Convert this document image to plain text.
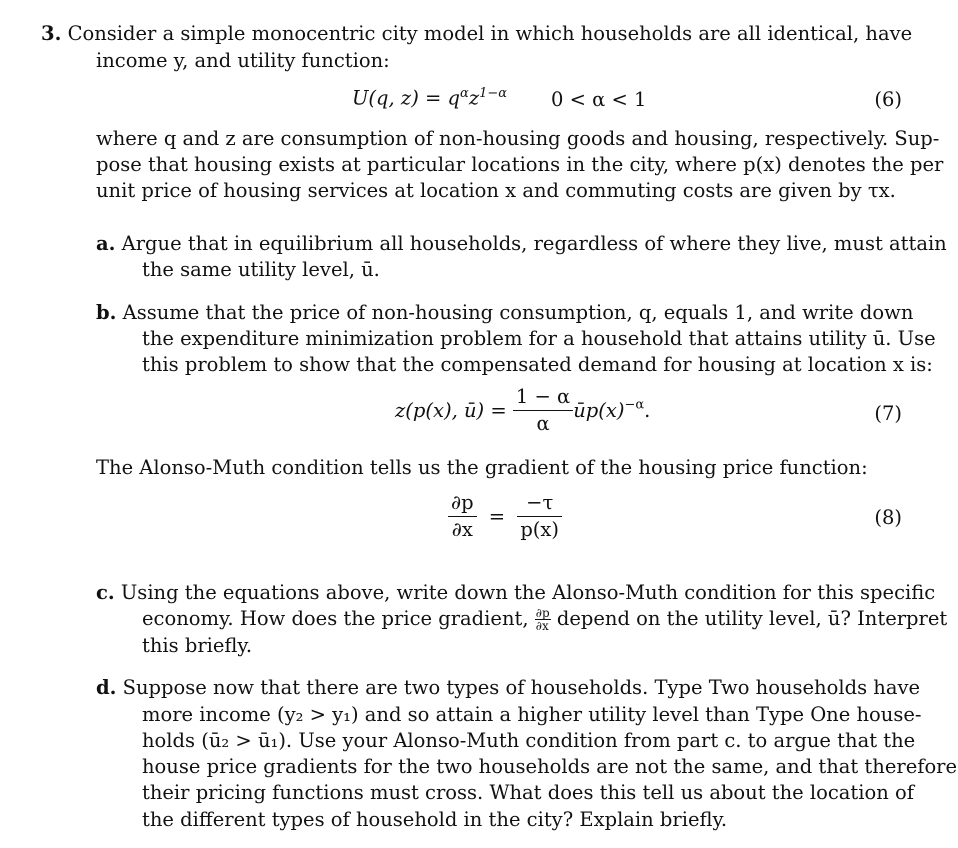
3. Consider a simple monocentric city model in which households are all identical, have
income y, and utility function:
U(q, $z) = q^\alpha z^{1-\alpha}$ 0 < α < 1	(6)
where q and z are consumption of non-housing goods and housing, respectively. Sup-
pose that housing exists at particular locations in the city, where p(x) denotes the per
unit price of housing services at location x and commuting costs are given by τx.
a. Argue that in equilibrium all households, regardless of where they live, must attain
the same utility level, ū.
b. Assume that the price of non-housing consumption, q, equals 1, and write down
the expenditure minimization problem for a household that attains utility ū. Use
this problem to show that the compensated demand for housing at location x is:
z(p(x), ū) = $\frac{1 - \alpha}{\alpha}$ $ūp(x)^{-\alpha}$.	(7)
The Alonso-Muth condition tells us the gradient of the housing price function:
$\frac{\partial p}{\partial x} = \frac{-\tau}{p(x)}$	(8)
c. Using the equations above, write down the Alonso-Muth condition for this specific
economy. How does the price gradient, $\frac{\partial p}{\partial x}$ depend on the utility level, ū? Interpret
this briefly.
d. Suppose now that there are two types of households. Type Two households have
more income (y₂ > y₁) and so attain a higher utility level than Type One house-
holds (ū₂ > ū₁). Use your Alonso-Muth condition from part c. to argue that the
house price gradients for the two households are not the same, and that therefore
their pricing functions must cross. What does this tell us about the location of
the different types of household in the city? Explain briefly.
